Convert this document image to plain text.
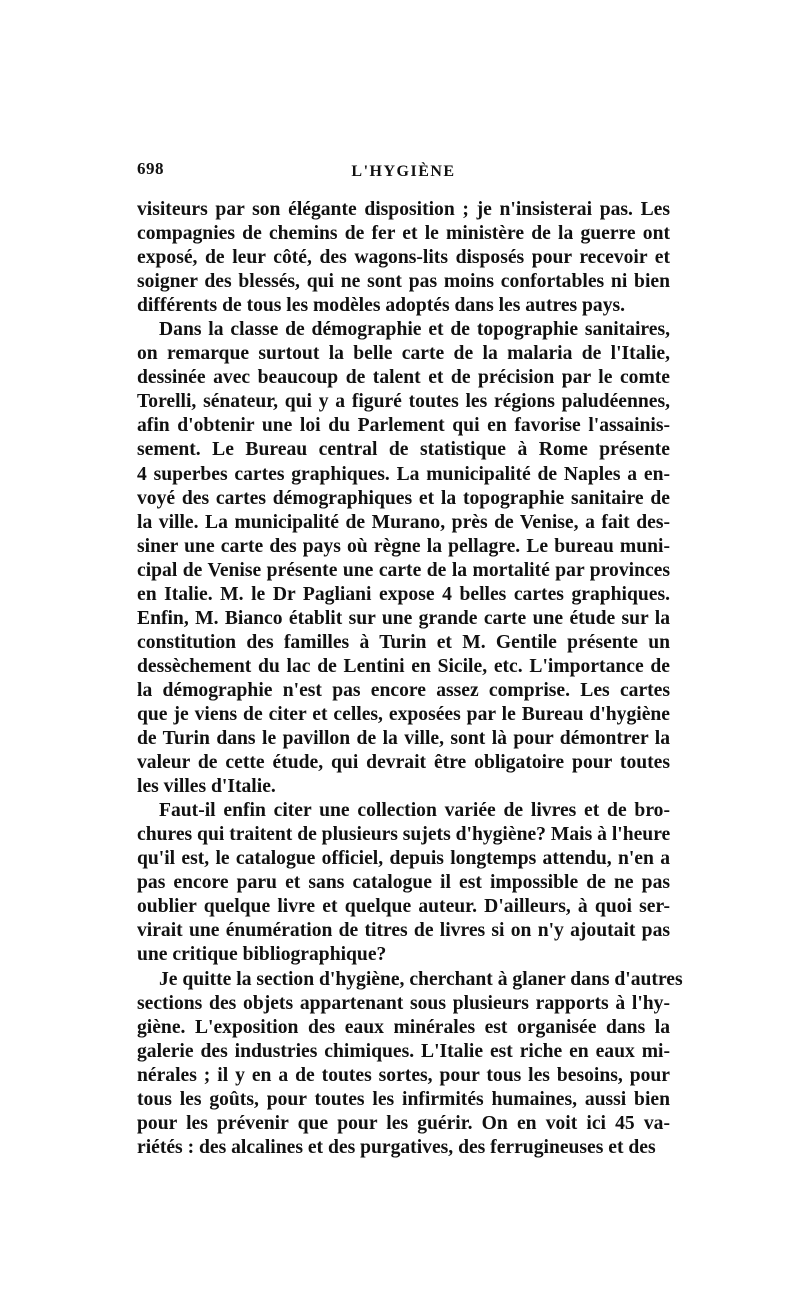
698	L'HYGIÈNE

visiteurs par son élégante disposition ; je n'insisterai pas. Les
compagnies de chemins de fer et le ministère de la guerre ont
exposé, de leur côté, des wagons-lits disposés pour recevoir et
soigner des blessés, qui ne sont pas moins confortables ni bien
différents de tous les modèles adoptés dans les autres pays.

Dans la classe de démographie et de topographie sanitaires,
on remarque surtout la belle carte de la malaria de l'Italie,
dessinée avec beaucoup de talent et de précision par le comte
Torelli, sénateur, qui y a figuré toutes les régions paludéennes,
afin d'obtenir une loi du Parlement qui en favorise l'assainis-
sement. Le Bureau central de statistique à Rome présente
4 superbes cartes graphiques. La municipalité de Naples a en-
voyé des cartes démographiques et la topographie sanitaire de
la ville. La municipalité de Murano, près de Venise, a fait des-
siner une carte des pays où règne la pellagre. Le bureau muni-
cipal de Venise présente une carte de la mortalité par provinces
en Italie. M. le Dr Pagliani expose 4 belles cartes graphiques.
Enfin, M. Bianco établit sur une grande carte une étude sur la
constitution des familles à Turin et M. Gentile présente un
dessèchement du lac de Lentini en Sicile, etc. L'importance de
la démographie n'est pas encore assez comprise. Les cartes
que je viens de citer et celles, exposées par le Bureau d'hygiène
de Turin dans le pavillon de la ville, sont là pour démontrer la
valeur de cette étude, qui devrait être obligatoire pour toutes
les villes d'Italie.

Faut-il enfin citer une collection variée de livres et de bro-
chures qui traitent de plusieurs sujets d'hygiène? Mais à l'heure
qu'il est, le catalogue officiel, depuis longtemps attendu, n'en a
pas encore paru et sans catalogue il est impossible de ne pas
oublier quelque livre et quelque auteur. D'ailleurs, à quoi ser-
virait une énumération de titres de livres si on n'y ajoutait pas
une critique bibliographique?

Je quitte la section d'hygiène, cherchant à glaner dans d'autres
sections des objets appartenant sous plusieurs rapports à l'hy-
giène. L'exposition des eaux minérales est organisée dans la
galerie des industries chimiques. L'Italie est riche en eaux mi-
nérales ; il y en a de toutes sortes, pour tous les besoins, pour
tous les goûts, pour toutes les infirmités humaines, aussi bien
pour les prévenir que pour les guérir. On en voit ici 45 va-
riétés : des alcalines et des purgatives, des ferrugineuses et des
